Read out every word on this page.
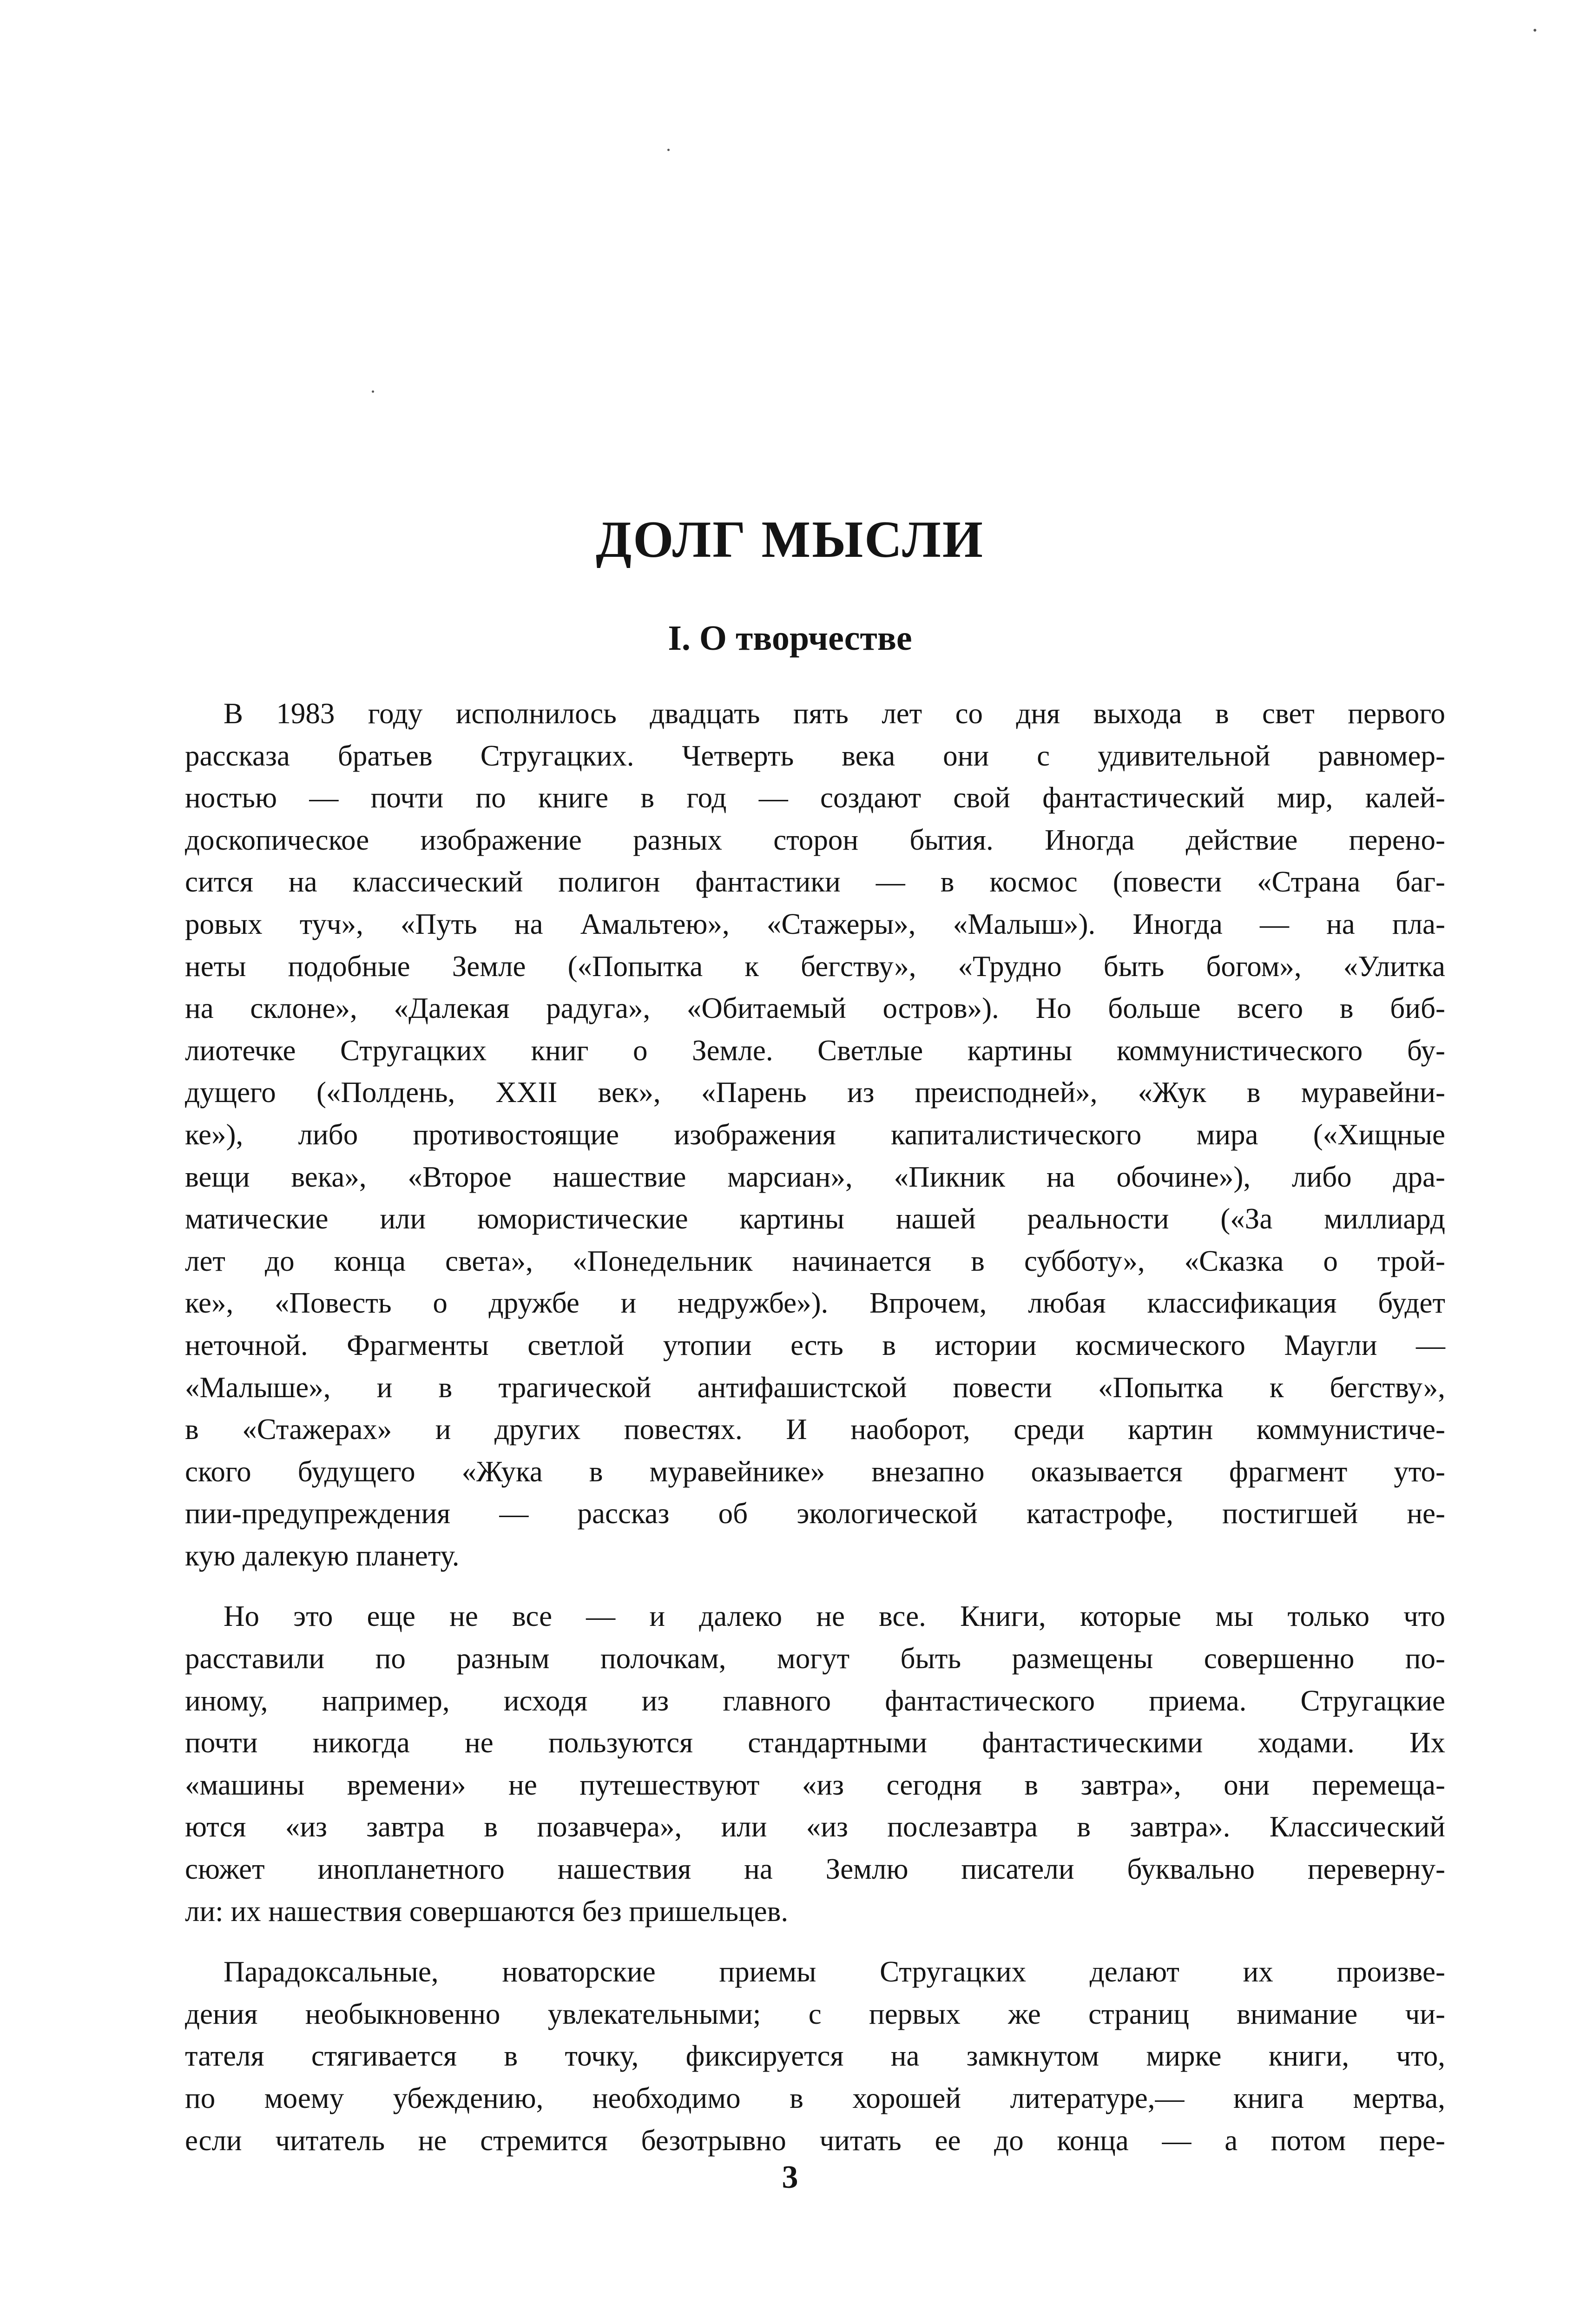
ДОЛГ МЫСЛИ
I. О творчестве
В 1983 году исполнилось двадцать пять лет со дня выхода в свет первого
рассказа братьев Стругацких. Четверть века они с удивительной равномер-
ностью — почти по книге в год — создают свой фантастический мир, калей-
доскопическое изображение разных сторон бытия. Иногда действие перено-
сится на классический полигон фантастики — в космос (повести «Страна баг-
ровых туч», «Путь на Амальтею», «Стажеры», «Малыш»). Иногда — на пла-
неты подобные Земле («Попытка к бегству», «Трудно быть богом», «Улитка
на склоне», «Далекая радуга», «Обитаемый остров»). Но больше всего в биб-
лиотечке Стругацких книг о Земле. Светлые картины коммунистического бу-
дущего («Полдень, XXII век», «Парень из преисподней», «Жук в муравейни-
ке»), либо противостоящие изображения капиталистического мира («Хищные
вещи века», «Второе нашествие марсиан», «Пикник на обочине»), либо дра-
матические или юмористические картины нашей реальности («За миллиард
лет до конца света», «Понедельник начинается в субботу», «Сказка о трой-
ке», «Повесть о дружбе и недружбе»). Впрочем, любая классификация будет
неточной. Фрагменты светлой утопии есть в истории космического Маугли —
«Малыше», и в трагической антифашистской повести «Попытка к бегству»,
в «Стажерах» и других повестях. И наоборот, среди картин коммунистиче-
ского будущего «Жука в муравейнике» внезапно оказывается фрагмент уто-
пии-предупреждения — рассказ об экологической катастрофе, постигшей не-
кую далекую планету.
Но это еще не все — и далеко не все. Книги, которые мы только что
расставили по разным полочкам, могут быть размещены совершенно по-
иному, например, исходя из главного фантастического приема. Стругацкие
почти никогда не пользуются стандартными фантастическими ходами. Их
«машины времени» не путешествуют «из сегодня в завтра», они перемеща-
ются «из завтра в позавчера», или «из послезавтра в завтра». Классический
сюжет инопланетного нашествия на Землю писатели буквально переверну-
ли: их нашествия совершаются без пришельцев.
Парадоксальные, новаторские приемы Стругацких делают их произве-
дения необыкновенно увлекательными; с первых же страниц внимание чи-
тателя стягивается в точку, фиксируется на замкнутом мирке книги, что,
по моему убеждению, необходимо в хорошей литературе,— книга мертва,
если читатель не стремится безотрывно читать ее до конца — а потом пере-
3
